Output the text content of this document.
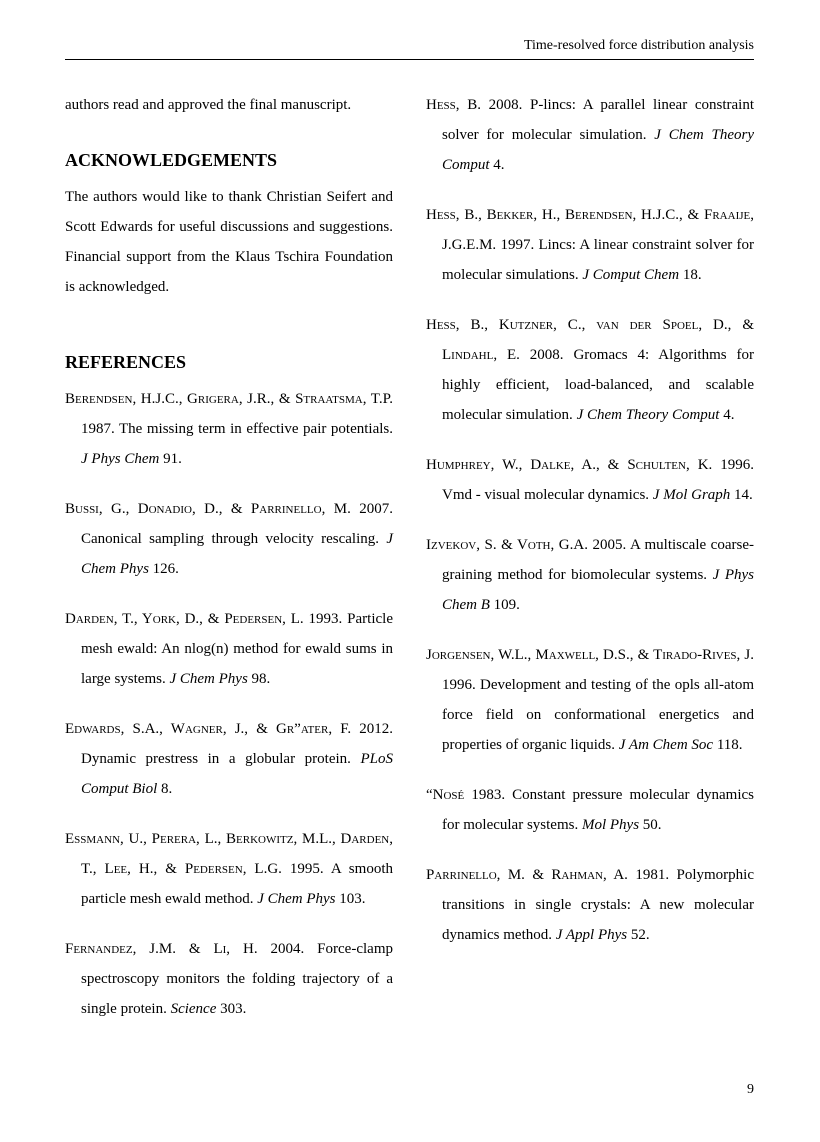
Time-resolved force distribution analysis

authors read and approved the final manuscript.

ACKNOWLEDGEMENTS

The authors would like to thank Christian Seifert and Scott Edwards for useful discussions and suggestions. Financial support from the Klaus Tschira Foundation is acknowledged.

REFERENCES

Berendsen, H.J.C., Grigera, J.R., & Straatsma, T.P. 1987. The missing term in effective pair potentials. J Phys Chem 91.

Bussi, G., Donadio, D., & Parrinello, M. 2007. Canonical sampling through velocity rescaling. J Chem Phys 126.

Darden, T., York, D., & Pedersen, L. 1993. Particle mesh ewald: An nlog(n) method for ewald sums in large systems. J Chem Phys 98.

Edwards, S.A., Wagner, J., & Gr”ater, F. 2012. Dynamic prestress in a globular protein. PLoS Comput Biol 8.

Essmann, U., Perera, L., Berkowitz, M.L., Darden, T., Lee, H., & Pedersen, L.G. 1995. A smooth particle mesh ewald method. J Chem Phys 103.

Fernandez, J.M. & Li, H. 2004. Force-clamp spectroscopy monitors the folding trajectory of a single protein. Science 303.

Hess, B. 2008. P-lincs: A parallel linear constraint solver for molecular simulation. J Chem Theory Comput 4.

Hess, B., Bekker, H., Berendsen, H.J.C., & Fraaije, J.G.E.M. 1997. Lincs: A linear constraint solver for molecular simulations. J Comput Chem 18.

Hess, B., Kutzner, C., van der Spoel, D., & Lindahl, E. 2008. Gromacs 4: Algorithms for highly efficient, load-balanced, and scalable molecular simulation. J Chem Theory Comput 4.

Humphrey, W., Dalke, A., & Schulten, K. 1996. Vmd - visual molecular dynamics. J Mol Graph 14.

Izvekov, S. & Voth, G.A. 2005. A multiscale coarse-graining method for biomolecular systems. J Phys Chem B 109.

Jorgensen, W.L., Maxwell, D.S., & Tirado-Rives, J. 1996. Development and testing of the opls all-atom force field on conformational energetics and properties of organic liquids. J Am Chem Soc 118.

“Nosé 1983. Constant pressure molecular dynamics for molecular systems. Mol Phys 50.

Parrinello, M. & Rahman, A. 1981. Polymorphic transitions in single crystals: A new molecular dynamics method. J Appl Phys 52.

9
